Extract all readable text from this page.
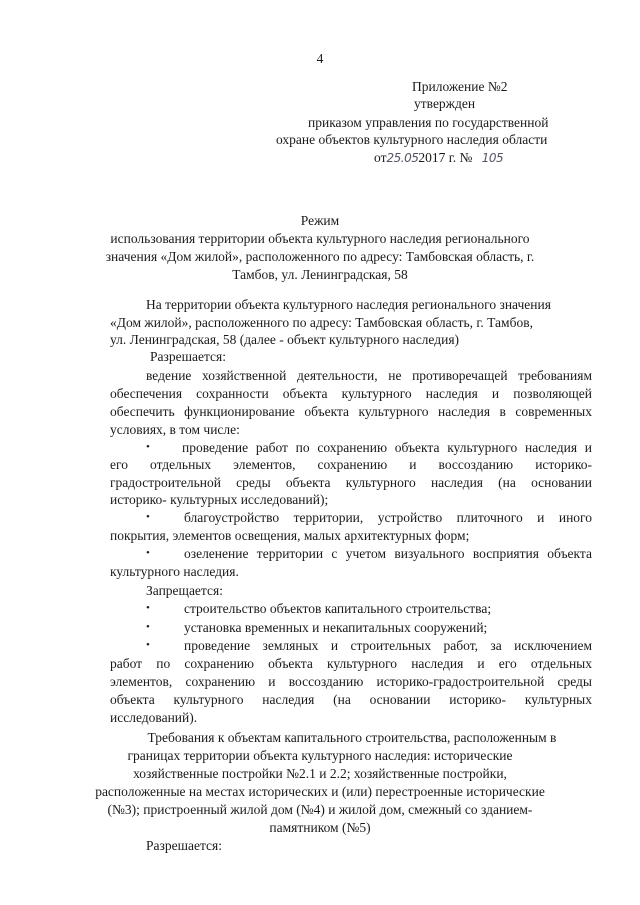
4
Приложение №2
утвержден
приказом управления по государственной
охране объектов культурного наследия области
от25.052017 г. № 105
Режим
использования территории объекта культурного наследия регионального
значения «Дом жилой», расположенного по адресу: Тамбовская область, г.
Тамбов, ул. Ленинградская, 58
На территории объекта культурного наследия регионального значения
«Дом жилой», расположенного по адресу: Тамбовская область, г. Тамбов,
ул. Ленинградская, 58 (далее - объект культурного наследия)
Разрешается:
ведение хозяйственной деятельности, не противоречащей требованиям
обеспечения сохранности объекта культурного наследия и позволяющей
обеспечить функционирование объекта культурного наследия в современных
условиях, в том числе:
• проведение работ по сохранению объекта культурного наследия и
его отдельных элементов, сохранению и воссозданию историко-
градостроительной среды объекта культурного наследия (на основании
историко- культурных исследований);
•	благоустройство территории, устройство плиточного и иного
покрытия, элементов освещения, малых архитектурных форм;
•	озеленение территории с учетом визуального восприятия объекта
культурного наследия.
Запрещается:
•	строительство объектов капитального строительства;
•	установка временных и некапитальных сооружений;
•	проведение земляных и строительных работ, за исключением
работ по сохранению объекта культурного наследия и его отдельных
элементов, сохранению и воссозданию историко-градостроительной среды
объекта культурного наследия (на основании историко- культурных
исследований).
Требования к объектам капитального строительства, расположенным в
границах территории объекта культурного наследия: исторические
хозяйственные постройки №2.1 и 2.2; хозяйственные постройки,
расположенные на местах исторических и (или) перестроенные исторические
(№3); пристроенный жилой дом (№4) и жилой дом, смежный со зданием-
памятником (№5)
Разрешается:
